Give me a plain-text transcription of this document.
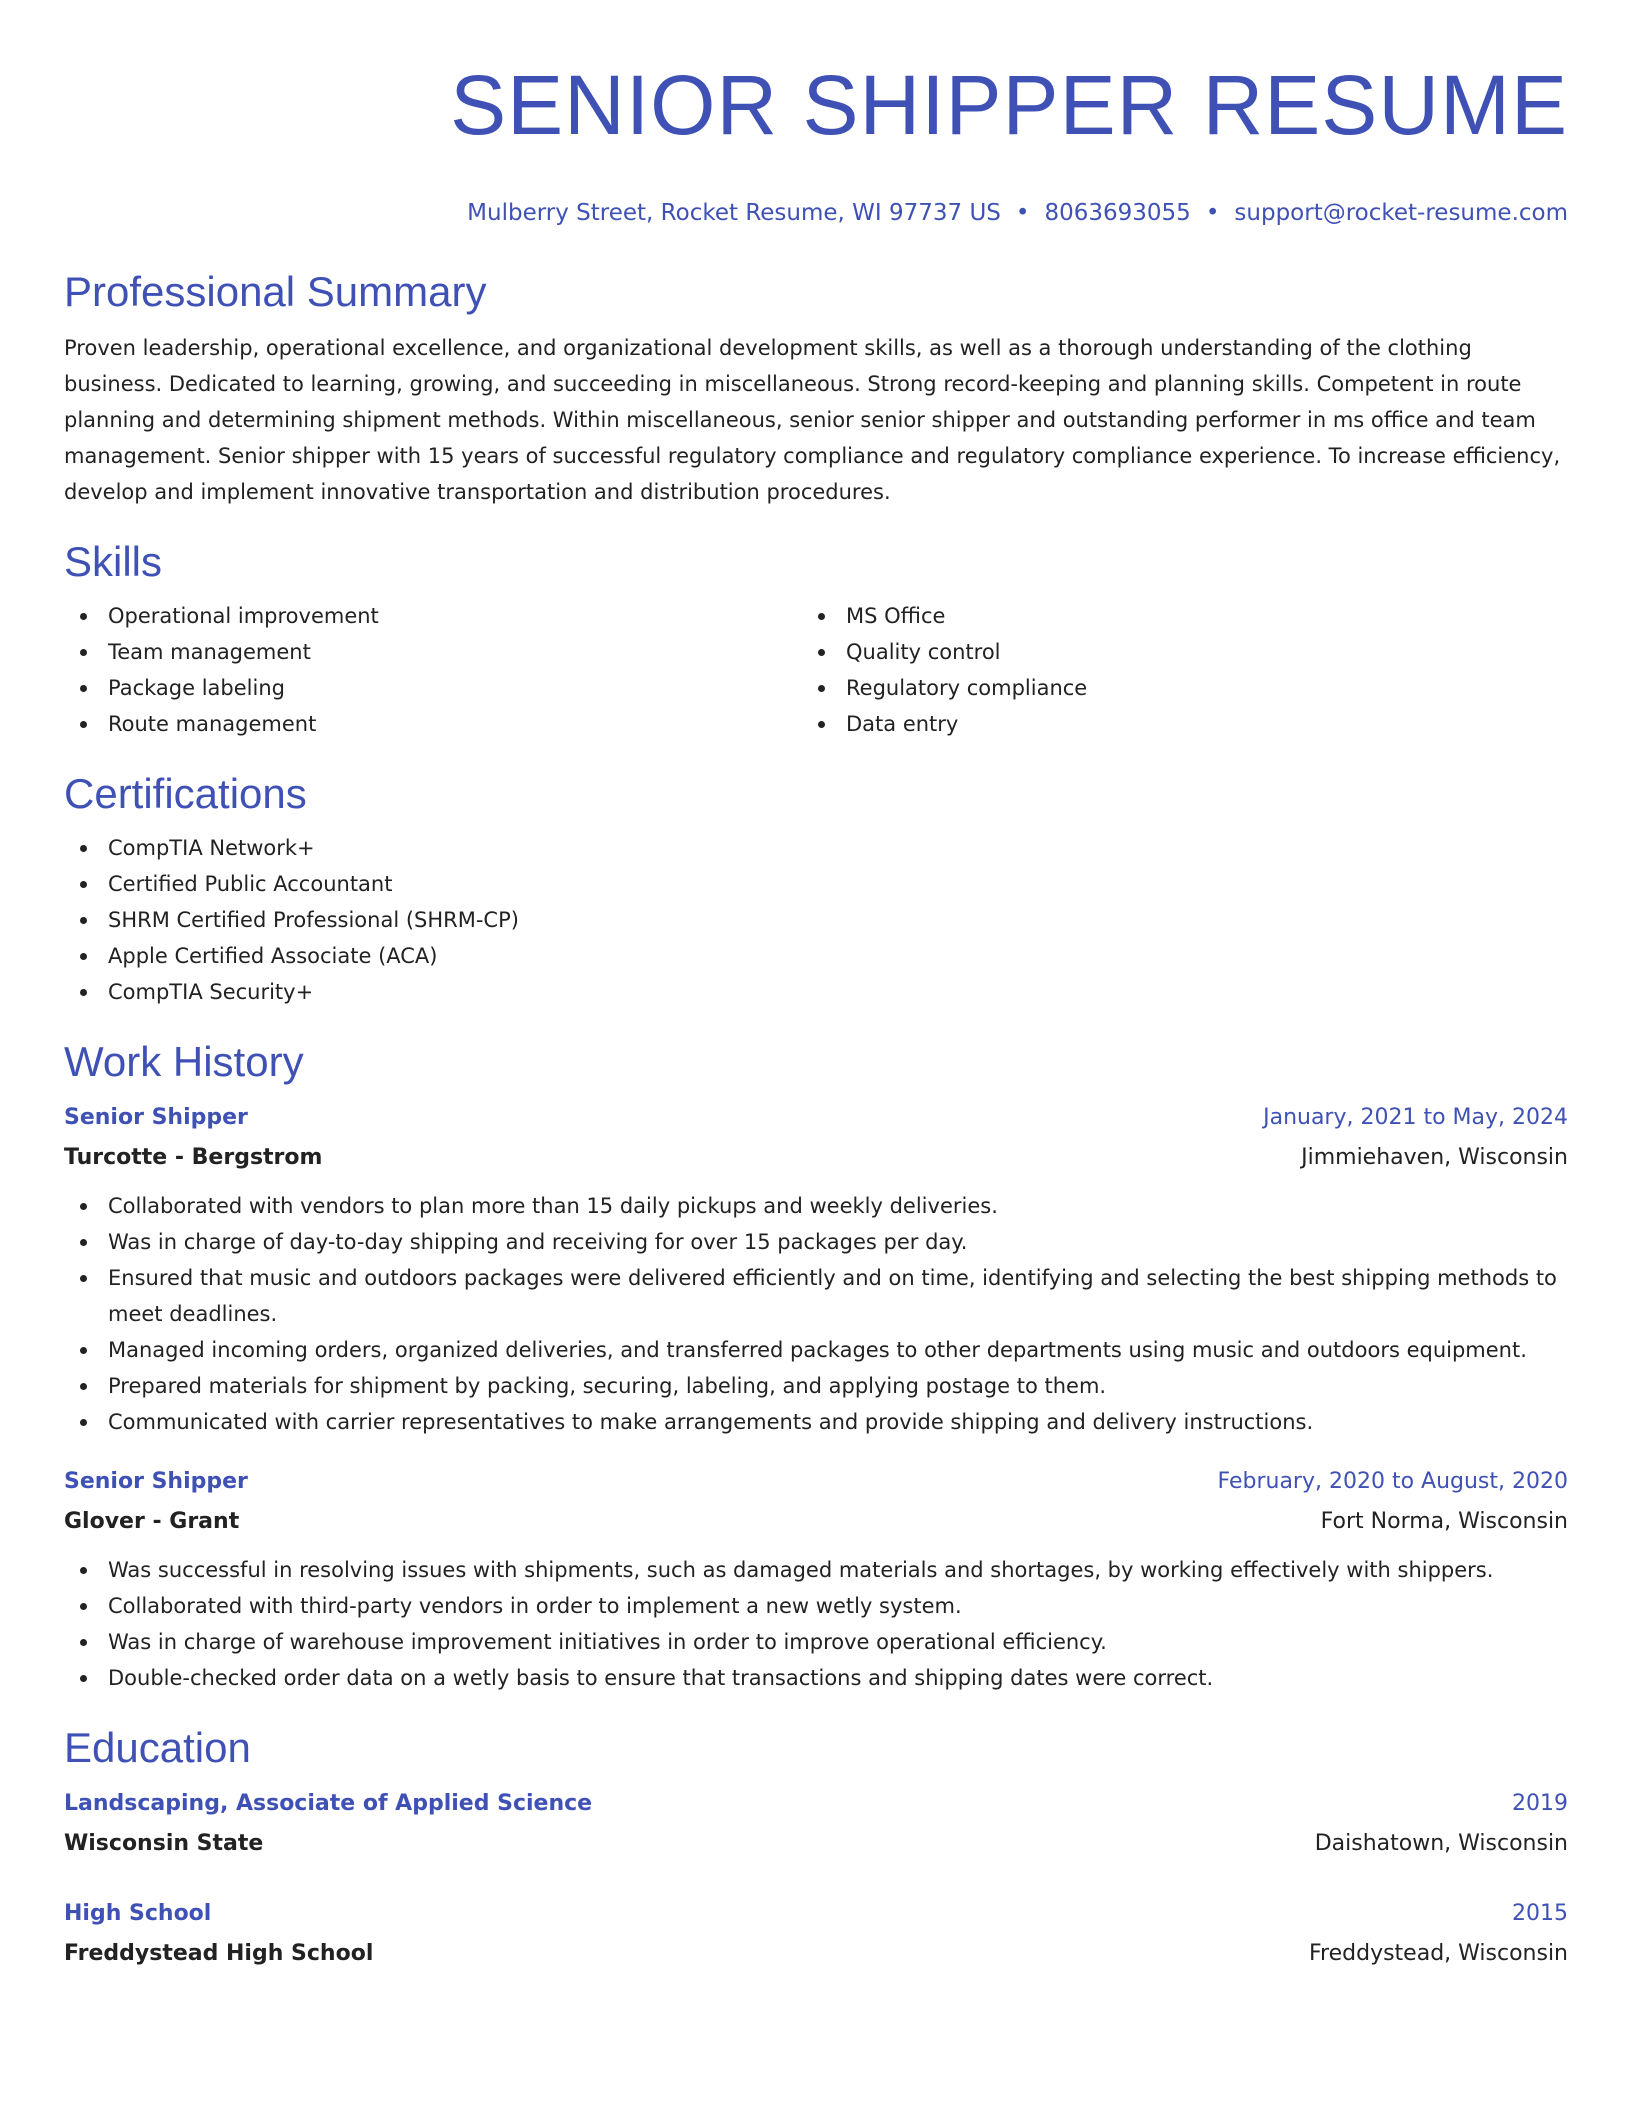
SENIOR SHIPPER RESUME
Mulberry Street, Rocket Resume, WI 97737 US • 8063693055 • support@rocket-resume.com
Professional Summary

Proven leadership, operational excellence, and organizational development skills, as well as a thorough understanding of the clothing business. Dedicated to learning, growing, and succeeding in miscellaneous. Strong record-keeping and planning skills. Competent in route planning and determining shipment methods. Within miscellaneous, senior senior shipper and outstanding performer in ms office and team management. Senior shipper with 15 years of successful regulatory compliance and regulatory compliance experience. To increase efficiency, develop and implement innovative transportation and distribution procedures.

Skills
Operational improvement
Team management
Package labeling
Route management
MS Office
Quality control
Regulatory compliance
Data entry
Certifications
CompTIA Network+
Certified Public Accountant
SHRM Certified Professional (SHRM-CP)
Apple Certified Associate (ACA)
CompTIA Security+
Work History
Senior Shipper	January, 2021 to May, 2024
Turcotte - Bergstrom	Jimmiehaven, Wisconsin
Collaborated with vendors to plan more than 15 daily pickups and weekly deliveries.
Was in charge of day-to-day shipping and receiving for over 15 packages per day.
Ensured that music and outdoors packages were delivered efficiently and on time, identifying and selecting the best shipping methods to meet deadlines.
Managed incoming orders, organized deliveries, and transferred packages to other departments using music and outdoors equipment.
Prepared materials for shipment by packing, securing, labeling, and applying postage to them.
Communicated with carrier representatives to make arrangements and provide shipping and delivery instructions.
Senior Shipper	February, 2020 to August, 2020
Glover - Grant	Fort Norma, Wisconsin
Was successful in resolving issues with shipments, such as damaged materials and shortages, by working effectively with shippers.
Collaborated with third-party vendors in order to implement a new wetly system.
Was in charge of warehouse improvement initiatives in order to improve operational efficiency.
Double-checked order data on a wetly basis to ensure that transactions and shipping dates were correct.
Education
Landscaping, Associate of Applied Science	2019
Wisconsin State	Daishatown, Wisconsin
High School	2015
Freddystead High School	Freddystead, Wisconsin
